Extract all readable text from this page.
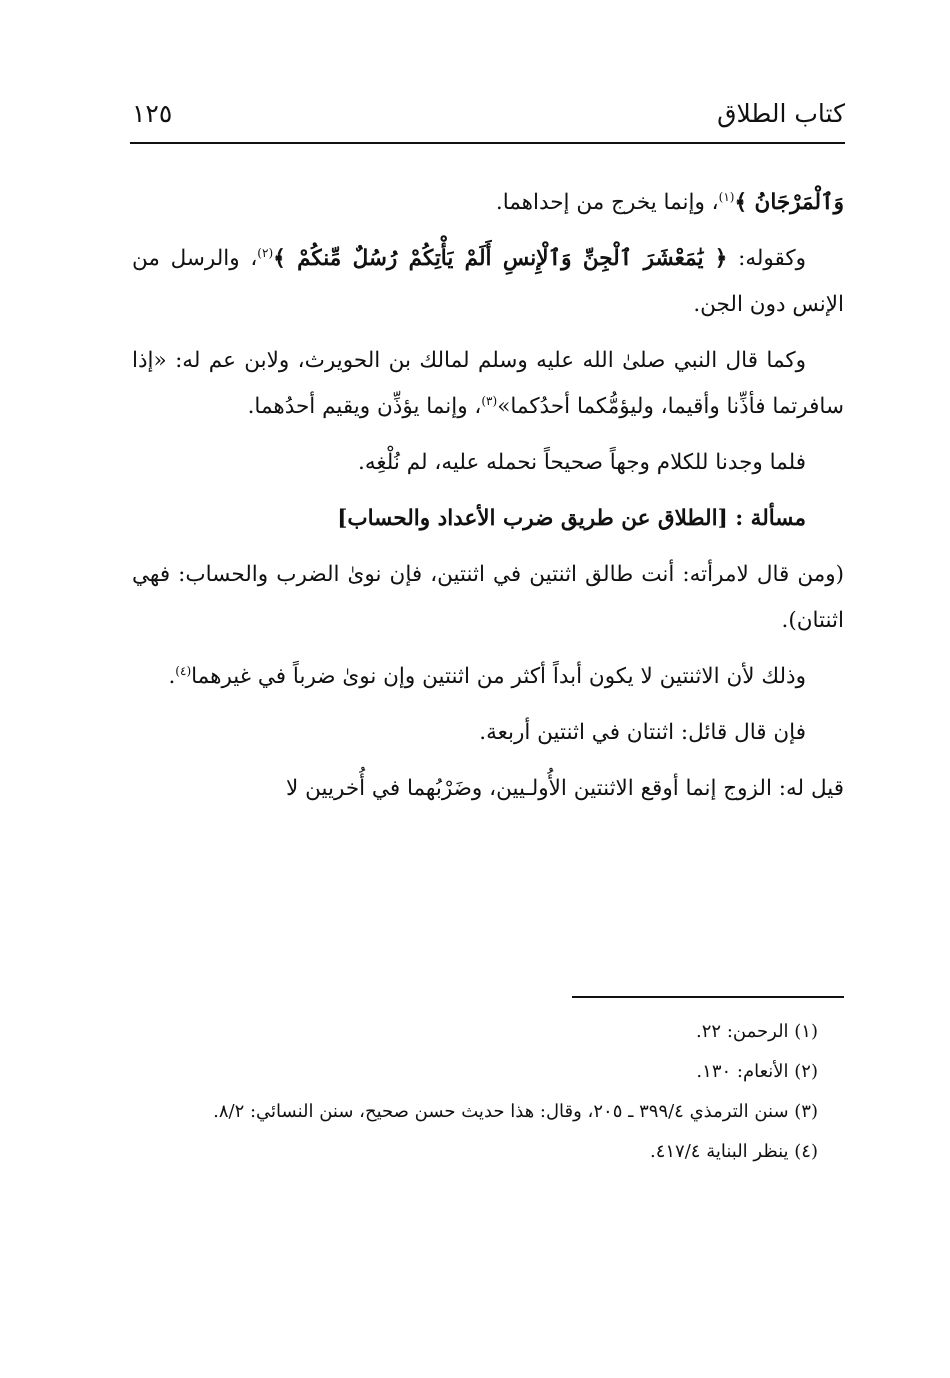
كتاب الطلاق
١٢٥

وَٱلْمَرْجَانُ ﴾$^{(١)}$، وإنما يخرج من إحداهما.

وكقوله: ﴿ يَٰمَعْشَرَ ٱلْجِنِّ وَٱلْإِنسِ أَلَمْ يَأْتِكُمْ رُسُلٌ مِّنكُمْ ﴾$^{(٢)}$، والرسل من الإنس دون الجن.

وكما قال النبي صلىٰ الله عليه وسلم لمالك بن الحويرث، ولابن عم له: «إذا سافرتما فأذِّنا وأقيما، وليؤمُّكما أحدُكما»$^{(٣)}$، وإنما يؤذِّن ويقيم أحدُهما.

فلما وجدنا للكلام وجهاً صحيحاً نحمله عليه، لم نُلْغِه.

مسألة : [الطلاق عن طريق ضرب الأعداد والحساب]

(ومن قال لامرأته: أنت طالق اثنتين في اثنتين، فإن نوىٰ الضرب والحساب: فهي اثنتان).

وذلك لأن الاثنتين لا يكون أبداً أكثر من اثنتين وإن نوىٰ ضرباً في غيرهما$^{(٤)}$.

فإن قال قائل: اثنتان في اثنتين أربعة.

قيل له: الزوج إنما أوقع الاثنتين الأُولـيين، وضَرْبُهما في أُخريين لا

(١) الرحمن: ٢٢.

(٢) الأنعام: ١٣٠.

(٣) سنن الترمذي ٣٩٩/٤ ـ ٢٠٥، وقال: هذا حديث حسن صحيح، سنن النسائي: ٨/٢.

(٤) ينظر البناية ٤١٧/٤.
